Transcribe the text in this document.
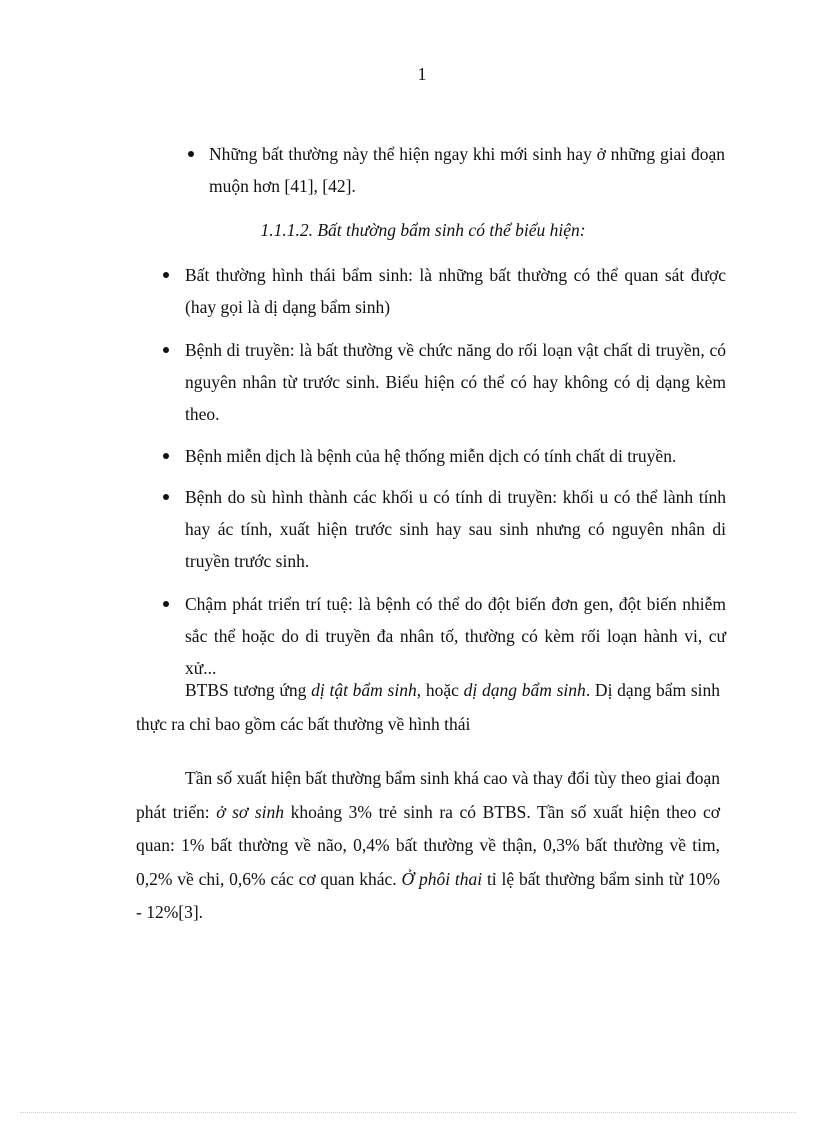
1
Những bất thường này thể hiện ngay khi mới sinh hay ở những giai đoạn muộn hơn [41], [42].
1.1.1.2. Bất thường bẩm sinh có thể biểu hiện:
Bất thường hình thái bẩm sinh: là những bất thường có thể quan sát được (hay gọi là dị dạng bẩm sinh)
Bệnh di truyền: là bất thường về chức năng do rối loạn vật chất di truyền, có nguyên nhân từ trước sinh. Biểu hiện có thể có hay không có dị dạng kèm theo.
Bệnh miễn dịch là bệnh của hệ thống miễn dịch có tính chất di truyền.
Bệnh do sù hình thành các khối u có tính di truyền: khối u có thể lành tính hay ác tính, xuất hiện trước sinh hay sau sinh nhưng có nguyên nhân di truyền trước sinh.
Chậm phát triển trí tuệ: là bệnh có thể do đột biến đơn gen, đột biến nhiễm sắc thể hoặc do di truyền đa nhân tố, thường có kèm rối loạn hành vi, cư xử...

BTBS tương ứng dị tật bẩm sinh, hoặc dị dạng bẩm sinh. Dị dạng bẩm sinh thực ra chỉ bao gồm các bất thường về hình thái

Tần số xuất hiện bất thường bẩm sinh khá cao và thay đổi tùy theo giai đoạn phát triển: ở sơ sinh khoảng 3% trẻ sinh ra có BTBS. Tần số xuất hiện theo cơ quan: 1% bất thường về não, 0,4% bất thường về thận, 0,3% bất thường về tim, 0,2% về chi, 0,6% các cơ quan khác. Ở phôi thai tỉ lệ bất thường bẩm sinh từ 10% - 12%[3].
